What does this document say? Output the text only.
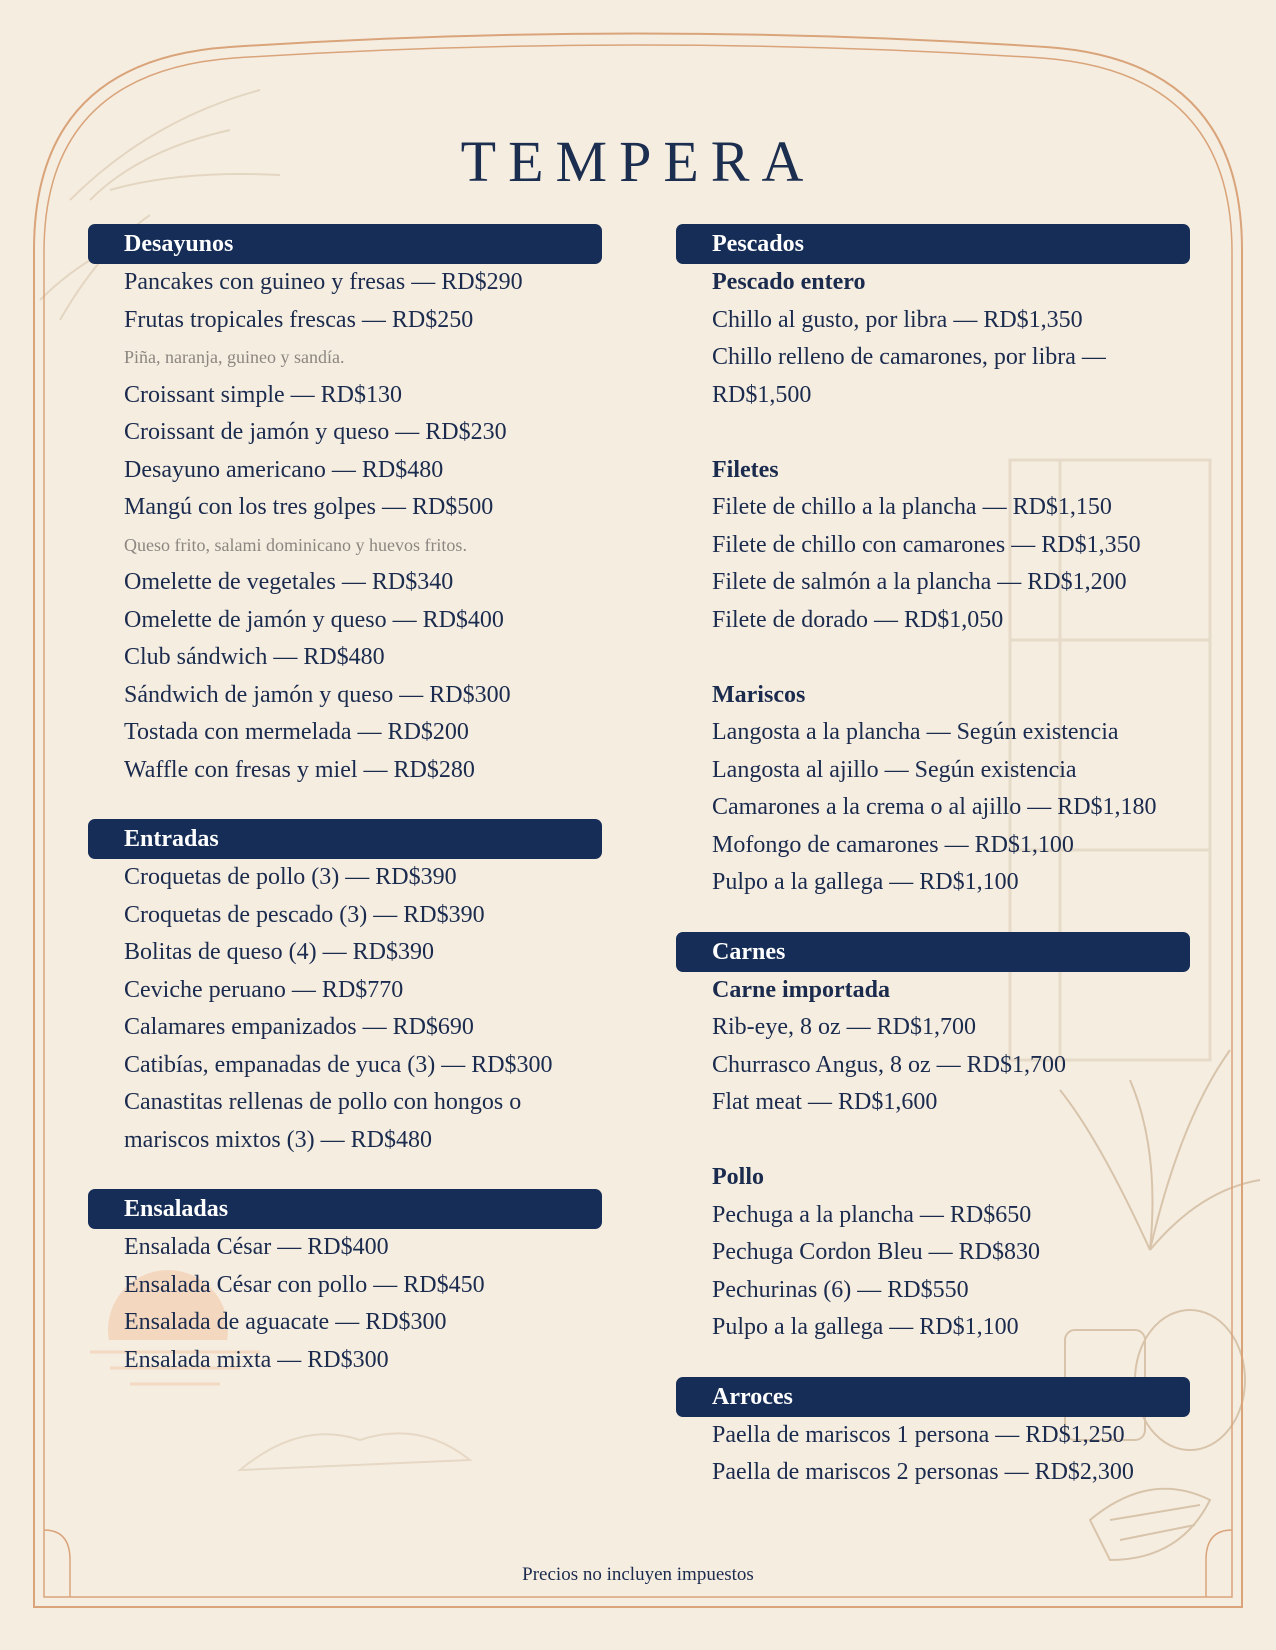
TEMPERA
Desayunos
Pancakes con guineo y fresas — RD$290
Frutas tropicales frescas — RD$250
Piña, naranja, guineo y sandía.
Croissant simple — RD$130
Croissant de jamón y queso — RD$230
Desayuno americano — RD$480
Mangú con los tres golpes — RD$500
Queso frito, salami dominicano y huevos fritos.
Omelette de vegetales — RD$340
Omelette de jamón y queso — RD$400
Club sándwich — RD$480
Sándwich de jamón y queso — RD$300
Tostada con mermelada — RD$200
Waffle con fresas y miel — RD$280
Entradas
Croquetas de pollo (3) — RD$390
Croquetas de pescado (3) — RD$390
Bolitas de queso (4) — RD$390
Ceviche peruano — RD$770
Calamares empanizados — RD$690
Catibías, empanadas de yuca (3) — RD$300
Canastitas rellenas de pollo con hongos o
mariscos mixtos (3) — RD$480
Ensaladas
Ensalada César — RD$400
Ensalada César con pollo — RD$450
Ensalada de aguacate — RD$300
Ensalada mixta — RD$300
Pescados
Pescado entero
Chillo al gusto, por libra — RD$1,350
Chillo relleno de camarones, por libra —
RD$1,500
Filetes
Filete de chillo a la plancha — RD$1,150
Filete de chillo con camarones — RD$1,350
Filete de salmón a la plancha — RD$1,200
Filete de dorado — RD$1,050
Mariscos
Langosta a la plancha — Según existencia
Langosta al ajillo — Según existencia
Camarones a la crema o al ajillo — RD$1,180
Mofongo de camarones — RD$1,100
Pulpo a la gallega — RD$1,100
Carnes
Carne importada
Rib-eye, 8 oz — RD$1,700
Churrasco Angus, 8 oz — RD$1,700
Flat meat — RD$1,600
Pollo
Pechuga a la plancha — RD$650
Pechuga Cordon Bleu — RD$830
Pechurinas (6) — RD$550
Pulpo a la gallega — RD$1,100
Arroces
Paella de mariscos 1 persona — RD$1,250
Paella de mariscos 2 personas — RD$2,300
Precios no incluyen impuestos
